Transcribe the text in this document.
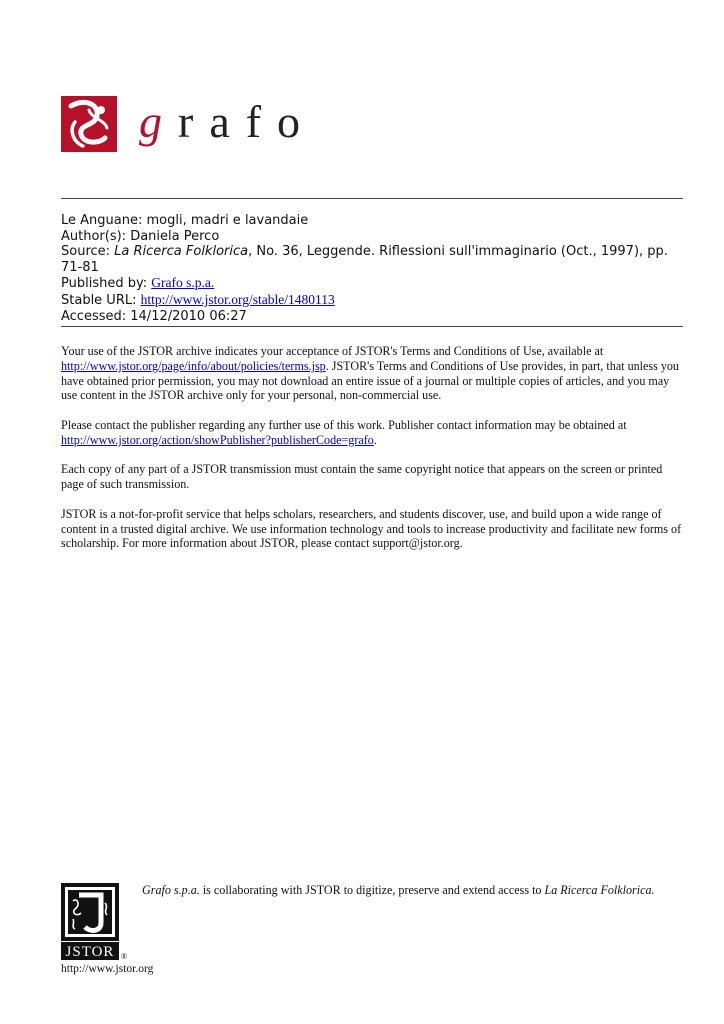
grafo
Le Anguane: mogli, madri e lavandaie
Author(s): Daniela Perco
Source: La Ricerca Folklorica, No. 36, Leggende. Riflessioni sull'immaginario (Oct., 1997), pp.
71-81
Published by: Grafo s.p.a.
Stable URL: http://www.jstor.org/stable/1480113
Accessed: 14/12/2010 06:27

Your use of the JSTOR archive indicates your acceptance of JSTOR's Terms and Conditions of Use, available at
http://www.jstor.org/page/info/about/policies/terms.jsp. JSTOR's Terms and Conditions of Use provides, in part, that unless you have obtained prior permission, you may not download an entire issue of a journal or multiple copies of articles, and you may use content in the JSTOR archive only for your personal, non-commercial use.

Please contact the publisher regarding any further use of this work. Publisher contact information may be obtained at
http://www.jstor.org/action/showPublisher?publisherCode=grafo.

Each copy of any part of a JSTOR transmission must contain the same copyright notice that appears on the screen or printed page of such transmission.

JSTOR is a not-for-profit service that helps scholars, researchers, and students discover, use, and build upon a wide range of content in a trusted digital archive. We use information technology and tools to increase productivity and facilitate new forms of scholarship. For more information about JSTOR, please contact support@jstor.org.

JSTOR ®
Grafo s.p.a. is collaborating with JSTOR to digitize, preserve and extend access to La Ricerca Folklorica.
http://www.jstor.org
